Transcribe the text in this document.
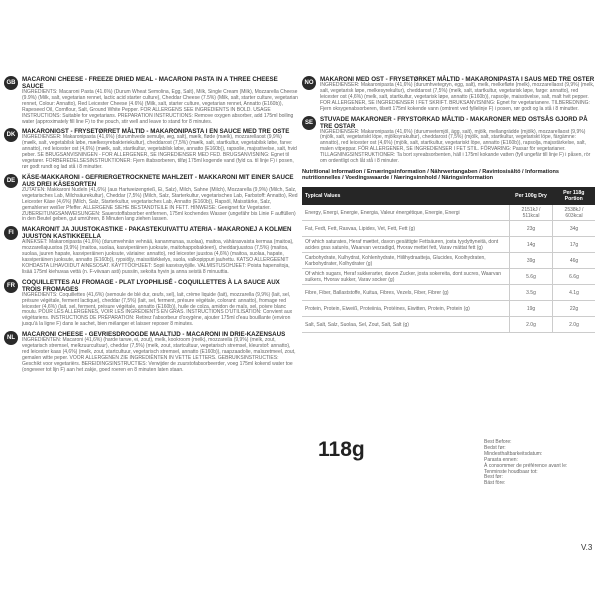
GB	MACARONI CHEESE - FREEZE DRIED MEAL - MACARONI PASTA IN A THREE CHEESE SAUCE
INGREDIENTS: Macaroni Pasta (41.6%) (Durum Wheat Semolina, Egg, Salt), Milk, Single Cream (Milk), Mozzarella Cheese (9.9%) (Milk, salt, vegetarian rennet, lactic acid starter culture), Cheddar Cheese (7.5%) (Milk, salt, starter culture, vegetarian rennet, Colour: Annatto), Red Leicester Cheese (4.6%) (Milk, salt, starter culture, vegetarian rennet, Annatto (E160b)), Rapeseed Oil, Cornflour, Salt, Ground White Pepper. FOR ALLERGENS SEE INGREDIENTS IN BOLD. USAGE INSTRUCTIONS: Suitable for vegetarians. PREPARATION INSTRUCTIONS: Remove oxygen absorber, add 175ml boiling water (approximately fill line F) to the pouch, stir well and leave to stand for 8 minutes.
DK	MAKARONIGST - FRYSETØRRET MÅLTID - MAKARONIPASTA I EN SAUCE MED TRE OSTE
INGREDIENSER: Makaronipasta (41,6%) (durumhvede semulje, æg, salt), mælk, fløde (mælk), mozzarellaost (9,9%) (mælk, salt, vegetabilsk løbe, mælkesyrebakteriekultur), cheddarost (7,5%) (mælk, salt, startkultur, vegetabilsk løbe, farve: annatto), red leicester ost (4,6%) (mælk, salt, startkultur, vegetabilsk løbe, annatto (E160b)), rapsolie, majsstivelse, salt, hvid peber. SE BRUGSANVISNINGEN - FOR ALLERGENER, SE INGREDIENSER MED FED. BRUGSANVISNING: Egnet til vegetarer. FORBEREDELSESINSTRUKTIONER: Fjern iltabsorberen, tilføj 175ml kogende vand (fyld ca. til linje F) i posen, rør godt rundt og lad stå i 8 minutter.
DE	KÄSE-MAKKARONI - GEFRIERGETROCKNETE MAHLZEIT - MAKKARONI MIT EINER SAUCE AUS DREI KÄSESORTEN
ZUTATEN: Makkaroni Nudeln (41,6%) (aus Hartweizengrieß, Ei, Salz), Milch, Sahne (Milch), Mozzarella (9,9%) (Milch, Salz, vegetarisches Lab, Milchsäurekultur), Cheddar (7,5%) (Milch, Salz, Starterkultur, vegetarisches Lab, Farbstoff: Annatto), Red Leicester Käse (4,6%) (Milch, Salz, Starterkultur, vegetarisches Lab, Annatto (E160b)), Rapsöl, Maisstärke, Salz, gemahlener weißer Pfeffer. ALLERGENE SIEHE BESTANDTEILE IN FETT. HINWEISE: Geeignet für Vegetarier. ZUBEREITUNGSANWEISUNGEN: Sauerstoffabsorber entfernen, 175ml kochendes Wasser (ungefähr bis Linie F auffüllen) in den Beutel geben, gut umrühren, 8 Minuten lang ziehen lassen.
FI	MAKARONIT JA JUUSTOKASTIKE - PAKASTEKUIVATTU ATERIA - MAKARONEJ A KOLMEN JUUSTON KASTIKKEELLA
AINEKSET: Makaronipasta (41,6%) (durumvehnän vehnää, kananmunaa, suolaa), maitoa, vähärasvaista kermaa (maitoa), mozzarellajuustoa (9,9%) (maitoa, suolaa, kasviperäinen juoksute, maitohappobakteeri), cheddarjuustoa (7,5%) (maitoa, suolaa, juuren hapate, kasviperäinen juoksute, väriaine: annatto), red leicester juustoa (4,6%) (maitoa, suolaa, hapate, kasviperäinen juoksute, annatto (E160b)), rypsiöljy, maissitärkkelys, suola, valkopippuri jauhettu. KATSO ALLERGEENIT KOHDASTA LIHAVOIDUT AINESOSAT. KÄYTTÖOHJEET: Sopii kasvissyöjille. VALMISTUSOHJEET: Poista hapensitoja, lisää 175ml kiehuvaa vettä (n. F-viivaan asti) pussiin, sekoita hyvin ja anna seistä 8 minuuttia.
FR	COQUILLETTES AU FROMAGE - PLAT LYOPHILISÉ - COQUILLETTES À LA SAUCE AUX TROIS FROMAGES
INGRÉDIENTS: Coquillettes (41,6%) (semoule de blé dur, œufs, sel), lait, crème liquide (lait), mozzarella (9,9%) (lait, sel, présure végétale, ferment lactique), cheddar (7,5%) (lait, sel, ferment, présure végétale, colorant: annatto), fromage red leicester (4,6%) (lait, sel, ferment, présure végétale, annatto (E160b)), huile de colza, amidon de maïs, sel, poivre blanc moulu. POUR LES ALLERGÈNES, VOIR LES INGRÉDIENTS EN GRAS. INSTRUCTIONS D'UTILISATION: Convient aux végétariens. INSTRUCTIONS DE PRÉPARATION: Retirez l'absorbeur d'oxygène, ajouter 175ml d'eau bouillante (environ jusqu'à la ligne F) dans le sachet, bien mélanger et laisser reposer 8 minutes.
NL	MACARONI CHEESE - GEVRIESDROOGDE MAALTIJD - MACARONI IN DRIE-KAZENSAUS
INGREDIËNTEN: Macaroni (41,6%) (harde tarwe, ei, zout), melk, kookroom (melk), mozzarella (9,9%) (melk, zout, vegetarisch stremsel, melkzuurcultuur), cheddar (7,5%) (melk, zout, startcultuur, vegetarisch stremsel, kleurstof: annatto), red leicester kaas (4,6%) (melk, zout, startcultuur, vegetarisch stremsel, annatto (E160b)), raapzaadolie, maïszetmeel, zout, gemalen witte peper. VOOR ALLERGENEN ZIE INGREDIËNTEN IN VETTE LETTERS. GEBRUIKSINSTRUCTIES: Geschikt voor vegetariërs. BEREIDINGSINSTRUCTIES: Verwijder de zuurstofabsorbeerder, voeg 175ml kokend water toe (ongeveer tot lijn F) aan het zakje, goed roeren en 8 minuten laten staan.
NO	MAKARONI MED OST - FRYSETØRKET MÅLTID - MAKARONIPASTA I SAUS MED TRE OSTER
INGREDIENSER: Makaronipasta (41,6%) (durumhvetegryn, egg, salt), melk, melkefløte (melk), mozzarellaost (9,9%) (melk, salt, vegetarisk løpe, melkesyrekultur), cheddarost (7,5%) (melk, salt, startkultur, vegetarisk løpe, farge: annatto), red leicester ost (4,6%) (melk, salt, startkultur, vegetarisk løpe, annatto (E160b)), rapsolje, maisstivelse, salt, malt hvit pepper. FOR ALLERGENER, SE INGREDIENSER I FET SKRIFT. BRUKSANVISNING: Egnet for vegetarianere. TILBEREDNING: Fjern oksygenabsorberen, tilsett 175ml kokende vann (omtrent ved fyllelinje F) i posen, rør godt og la stå i 8 minutter.
SE	STUVADE MAKARONER - FRYSTORKAD MÅLTID - MAKARONER MED OSTSÅS GJORD PÅ TRE OSTAR
INGREDIENSER: Makaronipasta (41,6%) (durumvetemjöl, ägg, salt), mjölk, mellangrädde (mjölk), mozzarellaost (9,9%) (mjölk, salt, vegetariskt löpe, mjölksyrakultur), cheddarost (7,5%) (mjölk, salt, startkultur, vegetariskt löpe, färgämne: annatto), red leicester ost (4,6%) (mjölk, salt, startkultur, vegetariskt löpe, annatto (E160b)), rapsolja, majsstärkelse, salt, malen vitpeppar. FÖR ALLERGENER, SE INGREDIENSER I FET STIL. FÖRVARING: Passar för vegetarianer. TILLAGNINGSINSTRUKTIONER: Ta bort syreabsorbenten, häll i 175ml kokande vatten (fyll ungefär till linje F) i påsen, rör om ordentligt och låt stå i 8 minuter.
Nutritional information / Ernæringsinformation / Nährwertangaben / Ravintosisältö / Informations nutritionnelles / Voedingswaarde / Næringsinnhold / Näringsinformation
Typical Values	Per 100g Dry	Per 118g Portion
Energy, Energi, Energie, Energia, Valeur énergétique, Energie, Energi	2151kJ / 511kcal	2538kJ / 603kcal
Fat, Fedt, Fett, Rasvaa, Lipides, Vet, Fett, Fett (g)	23g	34g
Of which saturates, Heraf mættet, davon gesättigte Fettsäuren, josta tyydyttyneitä, dont acides gras saturés, Waarvan verzadigd, Hvorav mettet fett, Varav mättat fett (g)	14g	17g
Carbohydrate, Kulhydrat, Kohlenhydrate, Hiilihydraatteja, Glucides, Koolhydraten, Karbohydrater, Kolhydrater (g)	39g	46g
Of which sugars, Heraf sukkerarter, davon Zucker, josta sokereita, dont sucres, Waarvan suikers, Hvorav sukker, Varav socker (g)	5.6g	6.6g
Fibre, Fiber, Ballaststoffe, Kuitua, Fibres, Vezels, Fiber, Fibrer (g)	3.5g	4.1g
Protein, Protein, Eiweiß, Proteiinia, Protéines, Eiwitten, Protein, Protein (g)	19g	22g
Salt, Salt, Salz, Suolaa, Sel, Zout, Salt, Salt (g)	2.0g	2.0g
118g	Best Before:
Bedst før:
Mindesthaltbarkeitsdatum:
Parasta ennen:
À consommer de préférence avant le:
Tenminste houdbaar tot:
Best før:
Bäst före:
V.3
